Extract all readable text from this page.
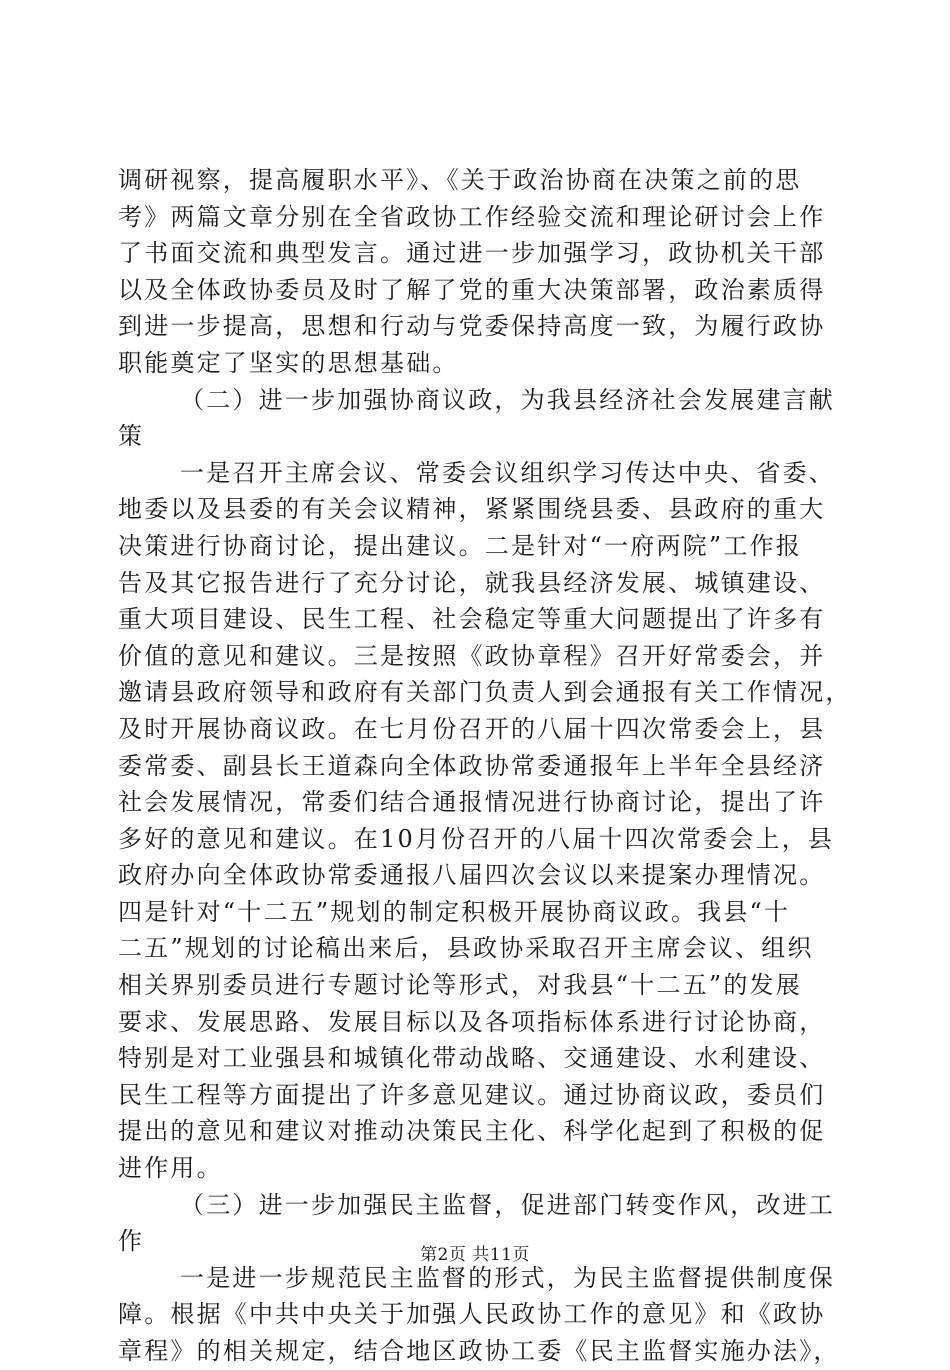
调研视察，提高履职水平》、《关于政治协商在决策之前的思
考》两篇文章分别在全省政协工作经验交流和理论研讨会上作
了书面交流和典型发言。通过进一步加强学习，政协机关干部
以及全体政协委员及时了解了党的重大决策部署，政治素质得
到进一步提高，思想和行动与党委保持高度一致，为履行政协
职能奠定了坚实的思想基础。
（二）进一步加强协商议政，为我县经济社会发展建言献
策
一是召开主席会议、常委会议组织学习传达中央、省委、
地委以及县委的有关会议精神，紧紧围绕县委、县政府的重大
决策进行协商讨论，提出建议。二是针对“一府两院”工作报
告及其它报告进行了充分讨论，就我县经济发展、城镇建设、
重大项目建设、民生工程、社会稳定等重大问题提出了许多有
价值的意见和建议。三是按照《政协章程》召开好常委会，并
邀请县政府领导和政府有关部门负责人到会通报有关工作情况，
及时开展协商议政。在七月份召开的八届十四次常委会上，县
委常委、副县长王道森向全体政协常委通报年上半年全县经济
社会发展情况，常委们结合通报情况进行协商讨论，提出了许
多好的意见和建议。在10月份召开的八届十四次常委会上，县
政府办向全体政协常委通报八届四次会议以来提案办理情况。
四是针对“十二五”规划的制定积极开展协商议政。我县“十
二五”规划的讨论稿出来后，县政协采取召开主席会议、组织
相关界别委员进行专题讨论等形式，对我县“十二五”的发展
要求、发展思路、发展目标以及各项指标体系进行讨论协商，
特别是对工业强县和城镇化带动战略、交通建设、水利建设、
民生工程等方面提出了许多意见建议。通过协商议政，委员们
提出的意见和建议对推动决策民主化、科学化起到了积极的促
进作用。
（三）进一步加强民主监督，促进部门转变作风，改进工
作
一是进一步规范民主监督的形式，为民主监督提供制度保
障。根据《中共中央关于加强人民政协工作的意见》和《政协
章程》的相关规定，结合地区政协工委《民主监督实施办法》，
第2页 共11页
